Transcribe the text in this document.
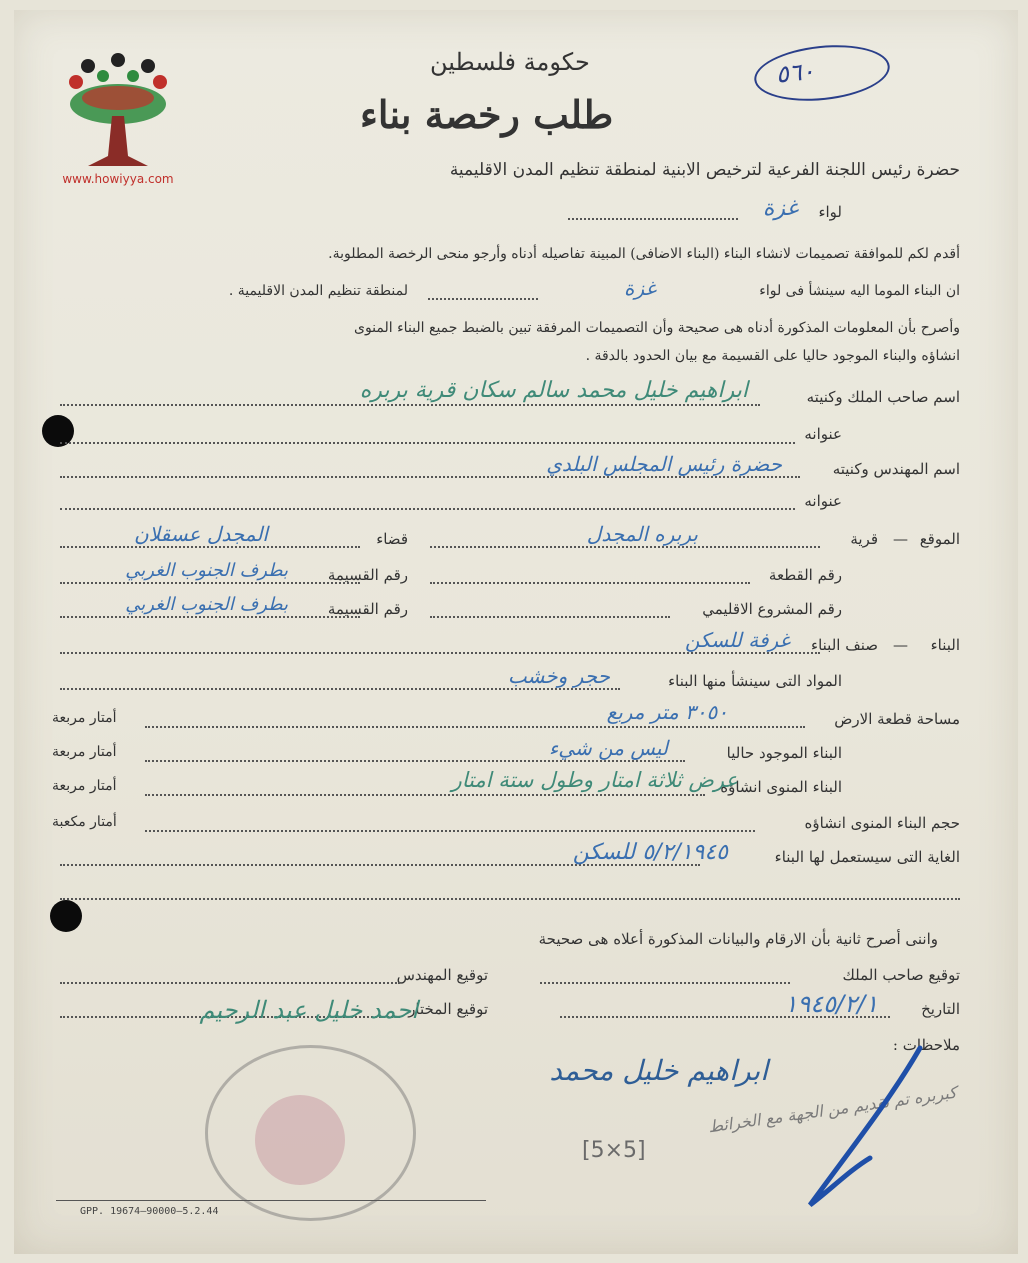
www.howiyya.com
٥٦٠
حكومة فلسطين
طلب رخصة بناء
حضرة رئيس اللجنة الفرعية لترخيص الابنية لمنطقة تنظيم المدن الاقليمية
لواء
غزة
أقدم لكم للموافقة تصميمات لانشاء البناء (البناء الاضافى) المبينة تفاصيله أدناه وأرجو منحى الرخصة المطلوبة.
ان البناء الموما اليه سينشأ فى لواء
غزة
لمنطقة تنظيم المدن الاقليمية .
وأصرح بأن المعلومات المذكورة أدناه هى صحيحة وأن التصميمات المرفقة تبين بالضبط جميع البناء المنوى
انشاؤه والبناء الموجود حاليا على القسيمة مع بيان الحدود بالدقة .
اسم صاحب الملك وكنيته
ابراهيم خليل محمد سالم سكان قرية بربره
عنوانه
اسم المهندس وكنيته
حضرة رئيس المجلس البلدي
عنوانه
الموقع
—
قرية
بربره المجدل
قضاء
المجدل عسقلان
رقم القطعة
رقم القسيمة
بطرف الجنوب الغربي
رقم المشروع الاقليمي
رقم القسيمة
بطرف الجنوب الغربي
البناء
—
صنف البناء
غرفة للسكن
المواد التى سينشأ منها البناء
حجر وخشب
مساحة قطعة الارض
٣٠٥٠ متر مربع
أمتار مربعة
البناء الموجود حاليا
ليس من شيء
أمتار مربعة
البناء المنوى انشاؤه
عرض ثلاثة امتار وطول ستة امتار
أمتار مربعة
حجم البناء المنوى انشاؤه
أمتار مكعبة
الغاية التى سيستعمل لها البناء
٥/٢/١٩٤٥ للسكن
واننى أصرح ثانية بأن الارقام والبيانات المذكورة أعلاه هى صحيحة
توقيع صاحب الملك
توقيع المهندس
التاريخ
١٩٤٥/٢/١
توقيع المختار
احمد خليل عبد الرحيم
ملاحظات :
ابراهيم خليل محمد
كبربره تم تقديم من الجهة مع الخرائط
[5×5]
GPP. 19674—90000—5.2.44
